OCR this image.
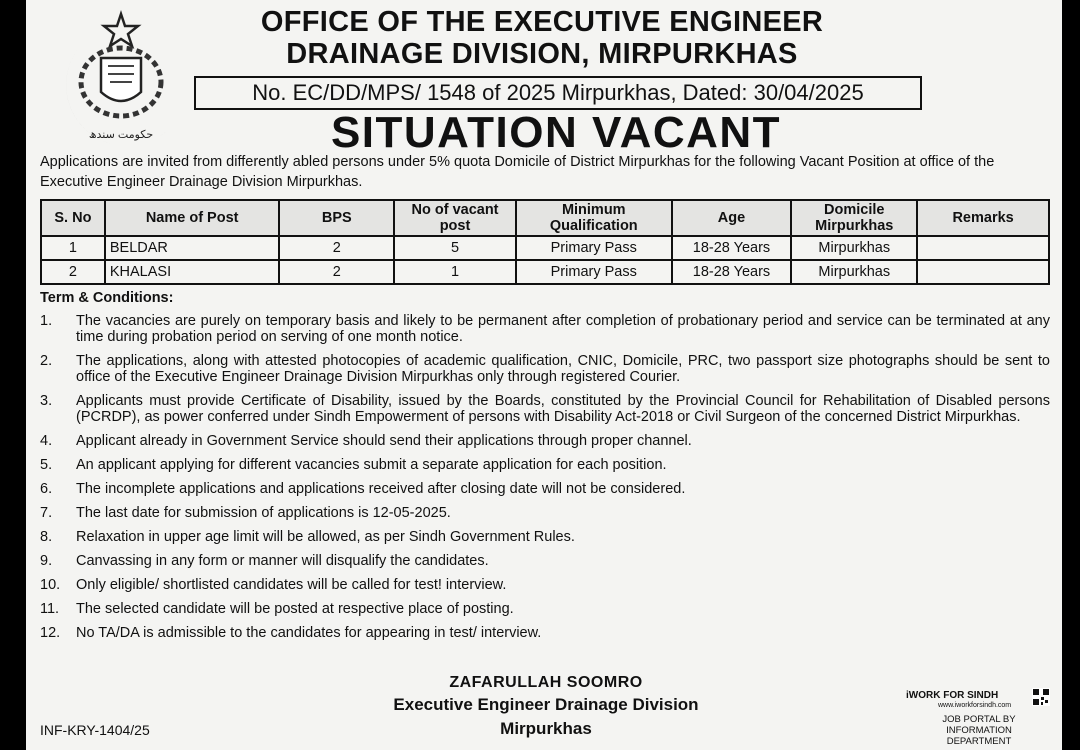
حکومت سندھ
OFFICE OF THE EXECUTIVE ENGINEER
DRAINAGE DIVISION, MIRPURKHAS
No. EC/DD/MPS/ 1548 of 2025 Mirpurkhas, Dated: 30/04/2025
SITUATION VACANT
Applications are invited from differently abled persons under 5% quota Domicile of District Mirpurkhas for the following Vacant Position at office of the Executive Engineer Drainage Division Mirpurkhas.
S. No	Name of Post	BPS	No of vacant post	Minimum Qualification	Age	Domicile Mirpurkhas	Remarks
1	BELDAR	2	5	Primary Pass	18-28 Years	Mirpurkhas	
2	KHALASI	2	1	Primary Pass	18-28 Years	Mirpurkhas	
Term & Conditions:
1. The vacancies are purely on temporary basis and likely to be permanent after completion of probationary period and service can be terminated at any time during probation period on serving of one month notice.
2. The applications, along with attested photocopies of academic qualification, CNIC, Domicile, PRC, two passport size photographs should be sent to office of the Executive Engineer Drainage Division Mirpurkhas only through registered Courier.
3. Applicants must provide Certificate of Disability, issued by the Boards, constituted by the Provincial Council for Rehabilitation of Disabled persons (PCRDP), as power conferred under Sindh Empowerment of persons with Disability Act-2018 or Civil Surgeon of the concerned District Mirpurkhas.
4. Applicant already in Government Service should send their applications through proper channel.
5. An applicant applying for different vacancies submit a separate application for each position.
6. The incomplete applications and applications received after closing date will not be considered.
7. The last date for submission of applications is 12-05-2025.
8. Relaxation in upper age limit will be allowed, as per Sindh Government Rules.
9. Canvassing in any form or manner will disqualify the candidates.
10. Only eligible/ shortlisted candidates will be called for test! interview.
11. The selected candidate will be posted at respective place of posting.
12. No TA/DA is admissible to the candidates for appearing in test/ interview.
ZAFARULLAH SOOMRO
Executive Engineer Drainage Division
Mirpurkhas
INF-KRY-1404/25
iWORK FOR SINDH
www.iworkforsindh.com
JOB PORTAL BY
INFORMATION DEPARTMENT
